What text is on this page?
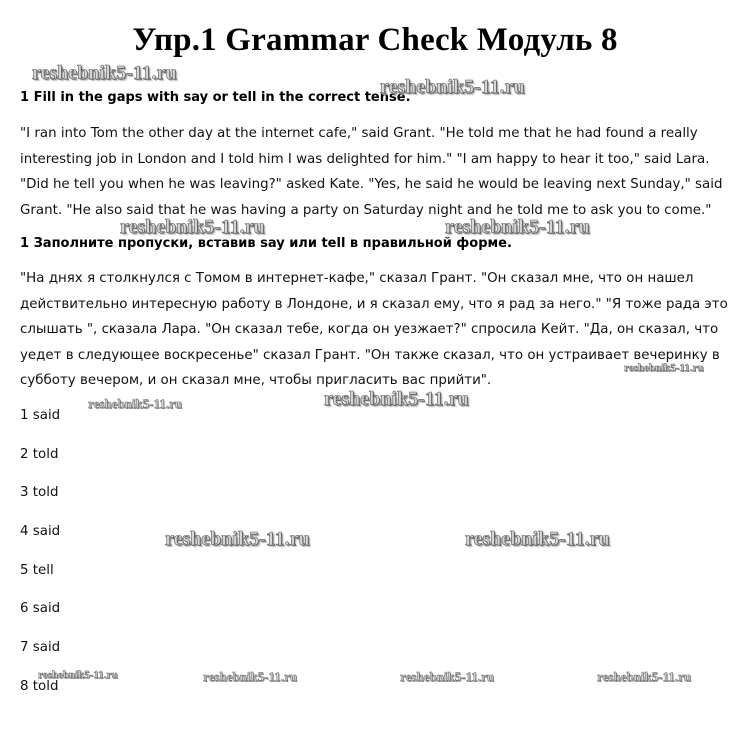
Упр.1 Grammar Check Модуль 8
1 Fill in the gaps with say or tell in the correct tense.

"I ran into Tom the other day at the internet cafe," said Grant. "He told me that he had found a really interesting job in London and I told him I was delighted for him." "I am happy to hear it too," said Lara. "Did he tell you when he was leaving?" asked Kate. "Yes, he said he would be leaving next Sunday," said Grant. "He also said that he was having a party on Saturday night and he told me to ask you to come."

1 Заполните пропуски, вставив say или tell в правильной форме.

"На днях я столкнулся с Томом в интернет-кафе," сказал Грант. "Он сказал мне, что он нашел действительно интересную работу в Лондоне, и я сказал ему, что я рад за него." "Я тоже рада это слышать ", сказала Лара. "Он сказал тебе, когда он уезжает?" спросила Кейт. "Да, он сказал, что уедет в следующее воскресенье" сказал Грант. "Он также сказал, что он устраивает вечеринку в субботу вечером, и он сказал мне, чтобы пригласить вас прийти".

1 said
2 told
3 told
4 said
5 tell
6 said
7 said
8 told
reshebnik5-11.ru
reshebnik5-11.ru
reshebnik5-11.ru	reshebnik5-11.ru
reshebnik5-11.ru
reshebnik5-11.ru	reshebnik5-11.ru
reshebnik5-11.ru	reshebnik5-11.ru
reshebnik5-11.ru	reshebnik5-11.ru	reshebnik5-11.ru	reshebnik5-11.ru
